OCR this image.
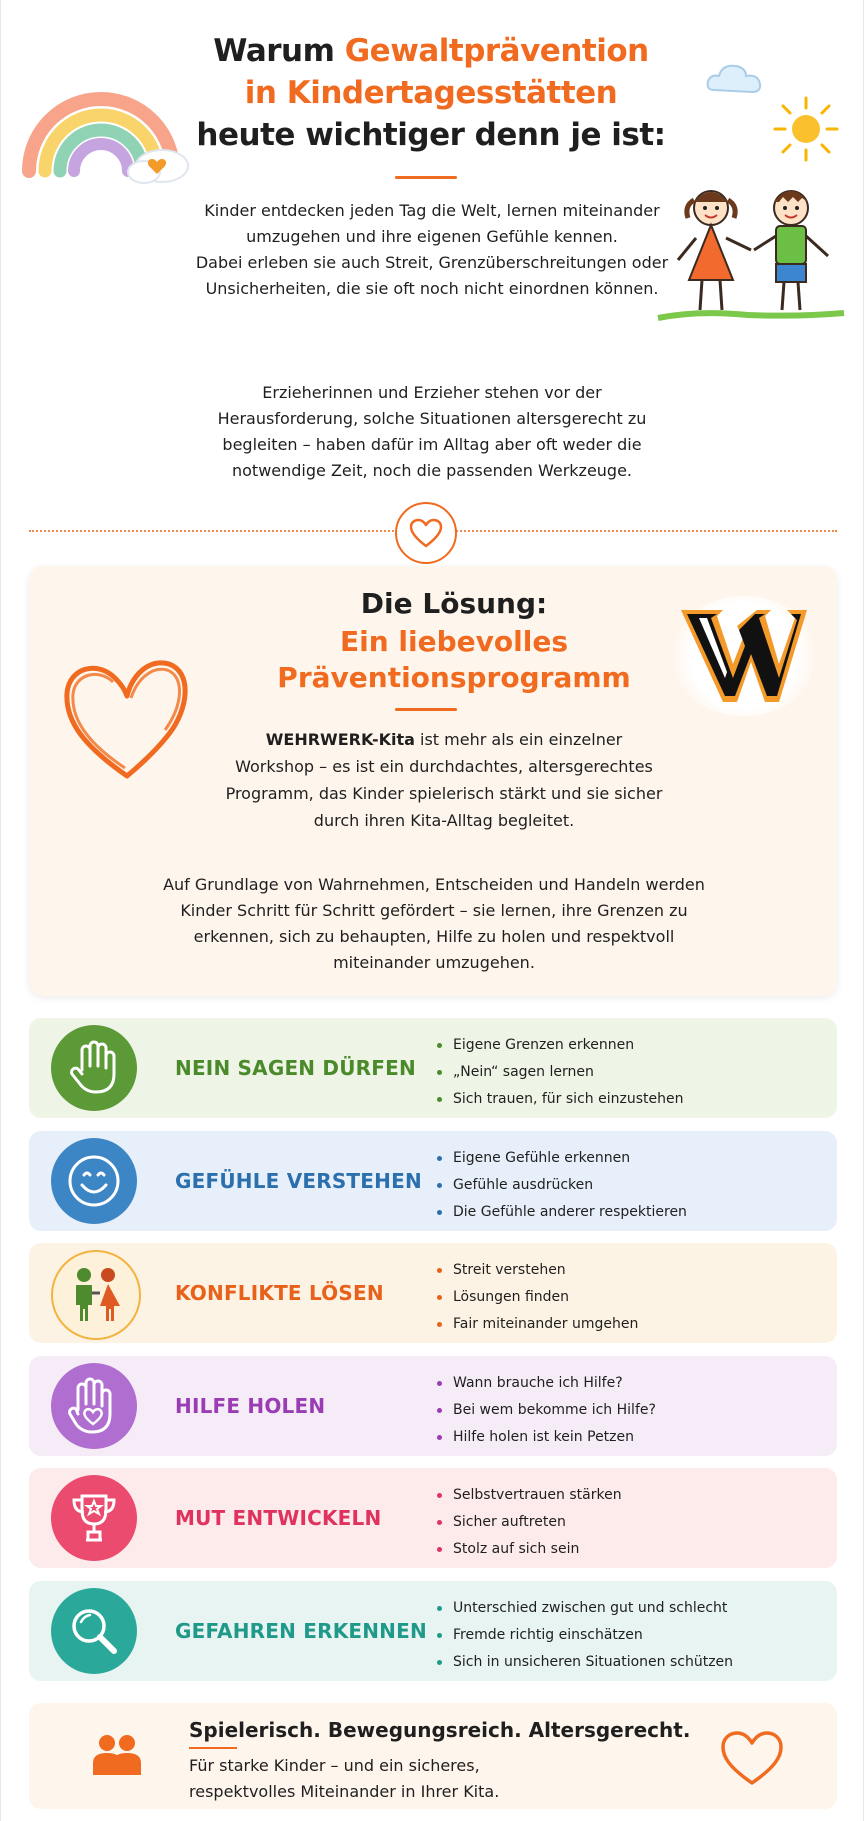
Warum Gewaltprävention
in Kindertagesstätten
heute wichtiger denn je ist:
Kinder entdecken jeden Tag die Welt, lernen miteinander umzugehen und ihre eigenen Gefühle kennen.
Dabei erleben sie auch Streit, Grenzüberschreitungen oder Unsicherheiten, die sie oft noch nicht einordnen können.
Erzieherinnen und Erzieher stehen vor der Herausforderung, solche Situationen altersgerecht zu begleiten – haben dafür im Alltag aber oft weder die notwendige Zeit, noch die passenden Werkzeuge.
Die Lösung:
Ein liebevolles
Präventionsprogramm
WEHRWERK-Kita ist mehr als ein einzelner Workshop – es ist ein durchdachtes, altersgerechtes Programm, das Kinder spielerisch stärkt und sie sicher durch ihren Kita-Alltag begleitet.
Auf Grundlage von Wahrnehmen, Entscheiden und Handeln werden Kinder Schritt für Schritt gefördert – sie lernen, ihre Grenzen zu erkennen, sich zu behaupten, Hilfe zu holen und respektvoll miteinander umzugehen.
NEIN SAGEN DÜRFEN
Eigene Grenzen erkennen
„Nein“ sagen lernen
Sich trauen, für sich einzustehen
GEFÜHLE VERSTEHEN
Eigene Gefühle erkennen
Gefühle ausdrücken
Die Gefühle anderer respektieren
KONFLIKTE LÖSEN
Streit verstehen
Lösungen finden
Fair miteinander umgehen
HILFE HOLEN
Wann brauche ich Hilfe?
Bei wem bekomme ich Hilfe?
Hilfe holen ist kein Petzen
MUT ENTWICKELN
Selbstvertrauen stärken
Sicher auftreten
Stolz auf sich sein
GEFAHREN ERKENNEN
Unterschied zwischen gut und schlecht
Fremde richtig einschätzen
Sich in unsicheren Situationen schützen
Spielerisch. Bewegungsreich. Altersgerecht.
Für starke Kinder – und ein sicheres, respektvolles Miteinander in Ihrer Kita.
